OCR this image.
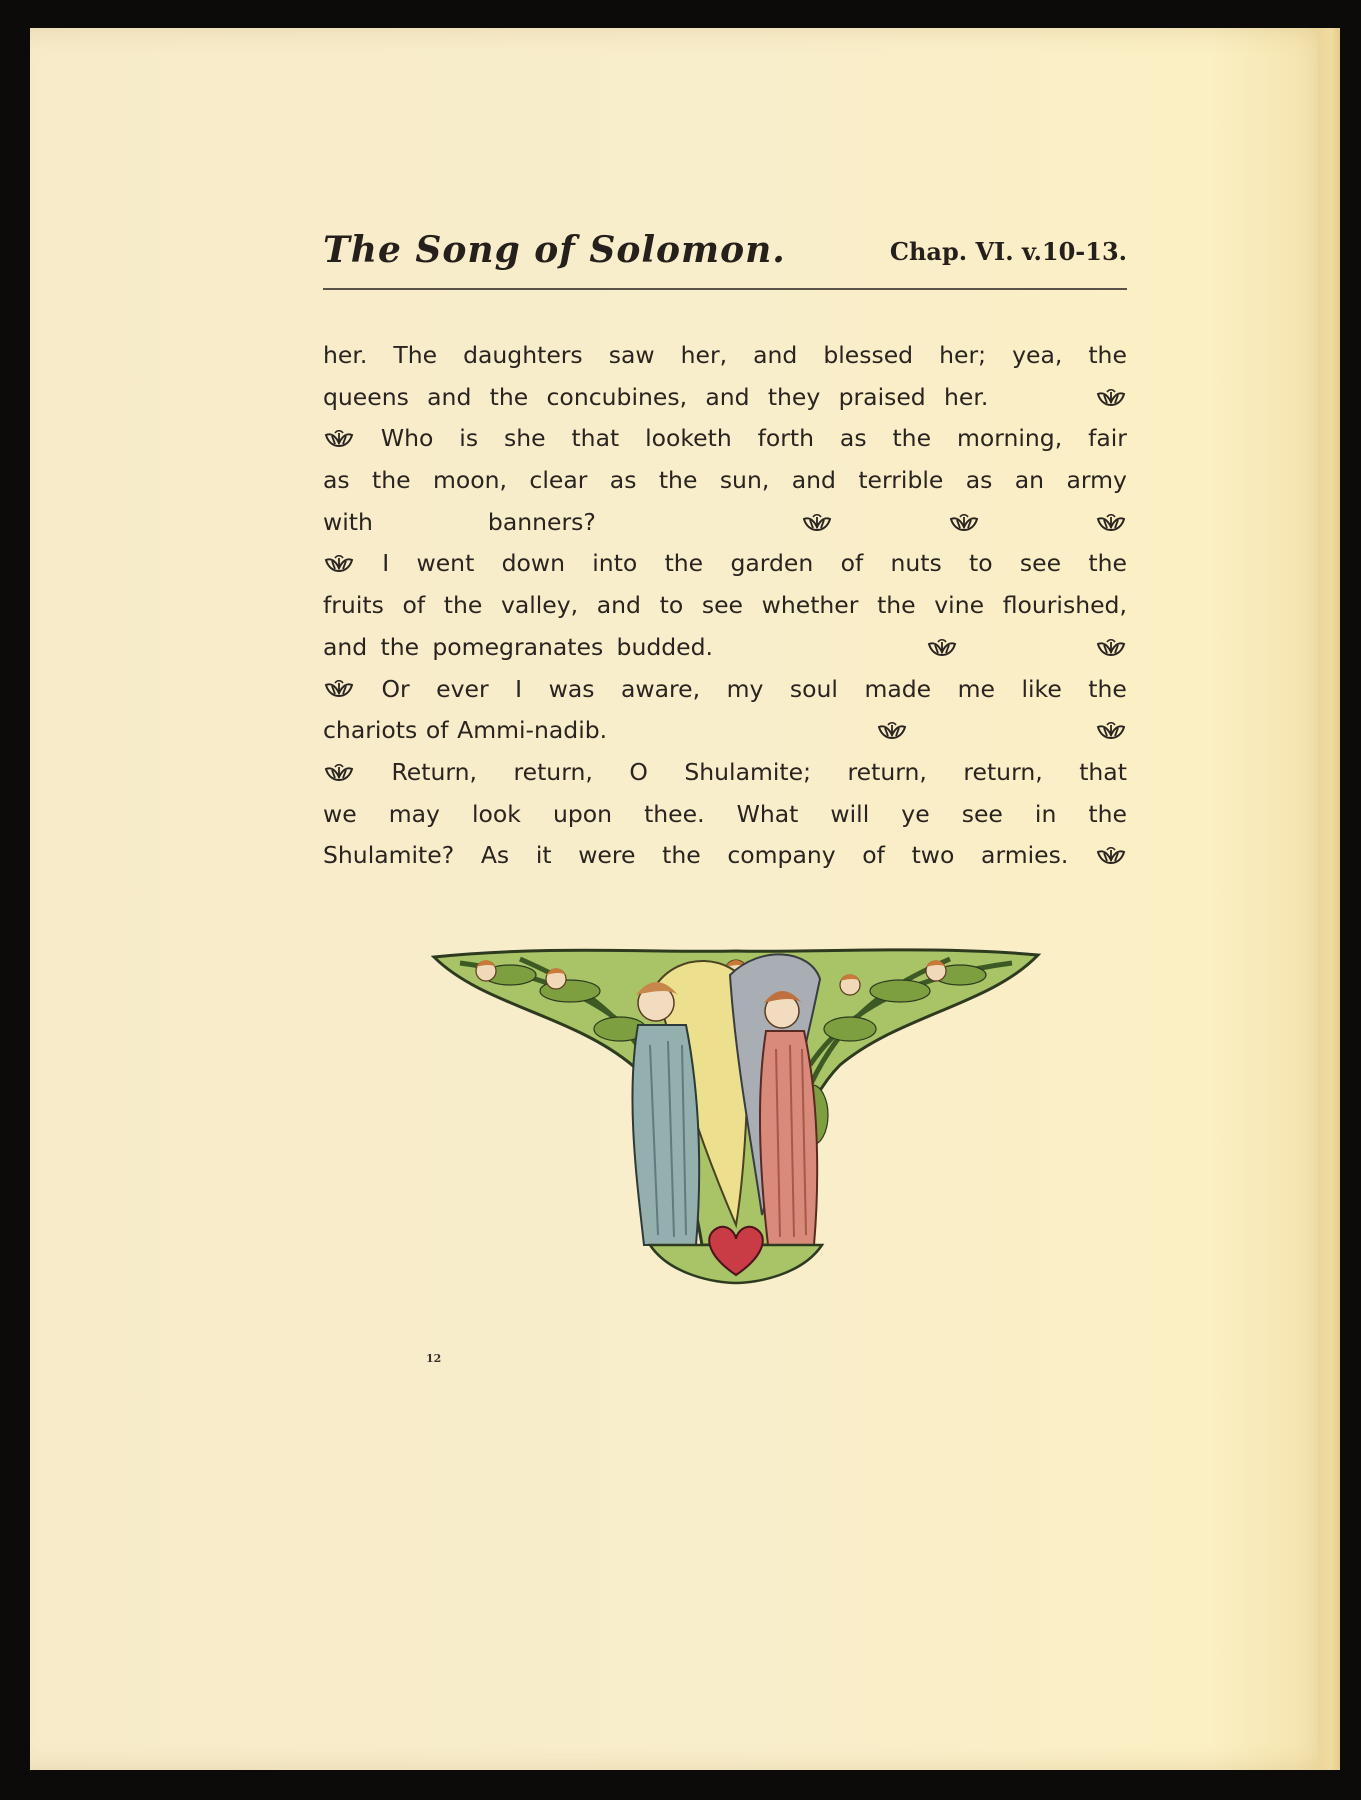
The Song of Solomon.	Chap. VI. v.10-13.
her. The daughters saw her, and blessed her; yea, the
queens and the concubines, and they praised her.
Who is she that looketh forth as the morning, fair
as the moon, clear as the sun, and terrible as an army
with	banners?
I went down into the garden of nuts to see the
fruits of the valley, and to see whether the vine flourished,
and the pomegranates budded.
Or ever I was aware, my soul made me like the
chariots of Ammi-nadib.
Return, return, O Shulamite; return, return, that
we may look upon thee. What will ye see in the
Shulamite? As it were the company of two armies.
12
